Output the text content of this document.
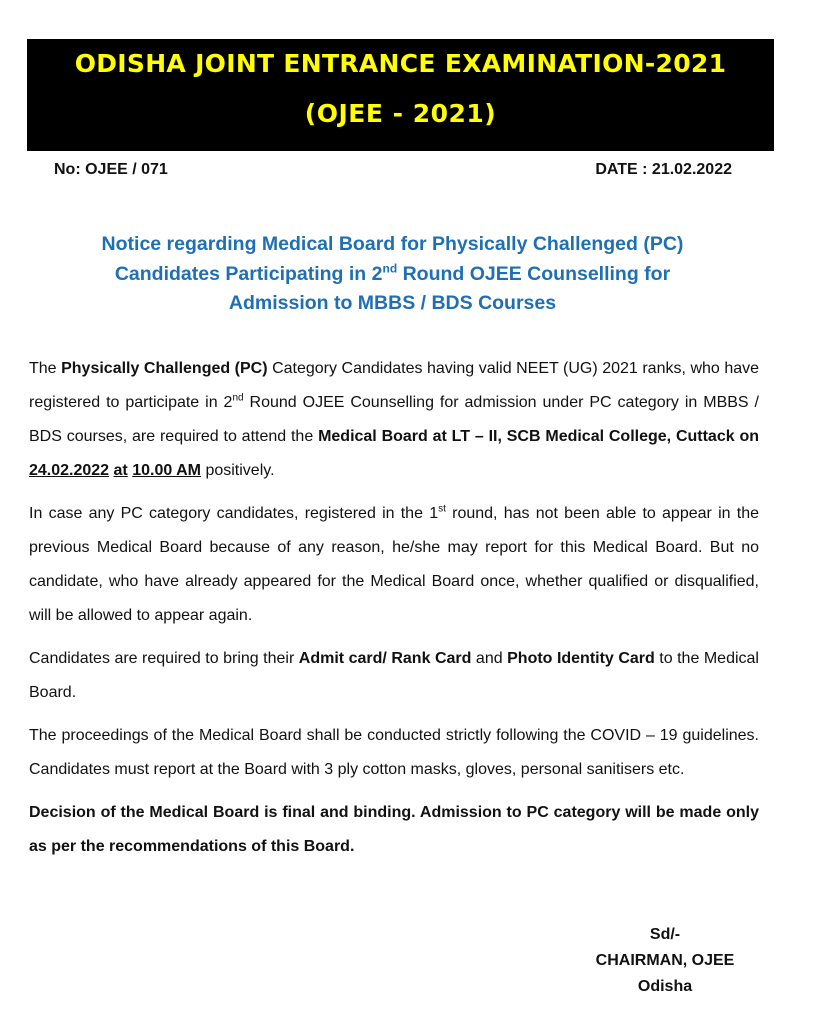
ODISHA JOINT ENTRANCE EXAMINATION-2021
(OJEE - 2021)
No: OJEE / 071	DATE : 21.02.2022
Notice regarding Medical Board for Physically Challenged (PC)
Candidates Participating in 2nd Round OJEE Counselling for
Admission to MBBS / BDS Courses

The Physically Challenged (PC) Category Candidates having valid NEET (UG) 2021 ranks, who have registered to participate in 2nd Round OJEE Counselling for admission under PC category in MBBS / BDS courses, are required to attend the Medical Board at LT – II, SCB Medical College, Cuttack on 24.02.2022 at 10.00 AM positively.

In case any PC category candidates, registered in the 1st round, has not been able to appear in the previous Medical Board because of any reason, he/she may report for this Medical Board. But no candidate, who have already appeared for the Medical Board once, whether qualified or disqualified, will be allowed to appear again.

Candidates are required to bring their Admit card/ Rank Card and Photo Identity Card to the Medical Board.

The proceedings of the Medical Board shall be conducted strictly following the COVID – 19 guidelines. Candidates must report at the Board with 3 ply cotton masks, gloves, personal sanitisers etc.

Decision of the Medical Board is final and binding. Admission to PC category will be made only as per the recommendations of this Board.

Sd/-
CHAIRMAN, OJEE
Odisha
